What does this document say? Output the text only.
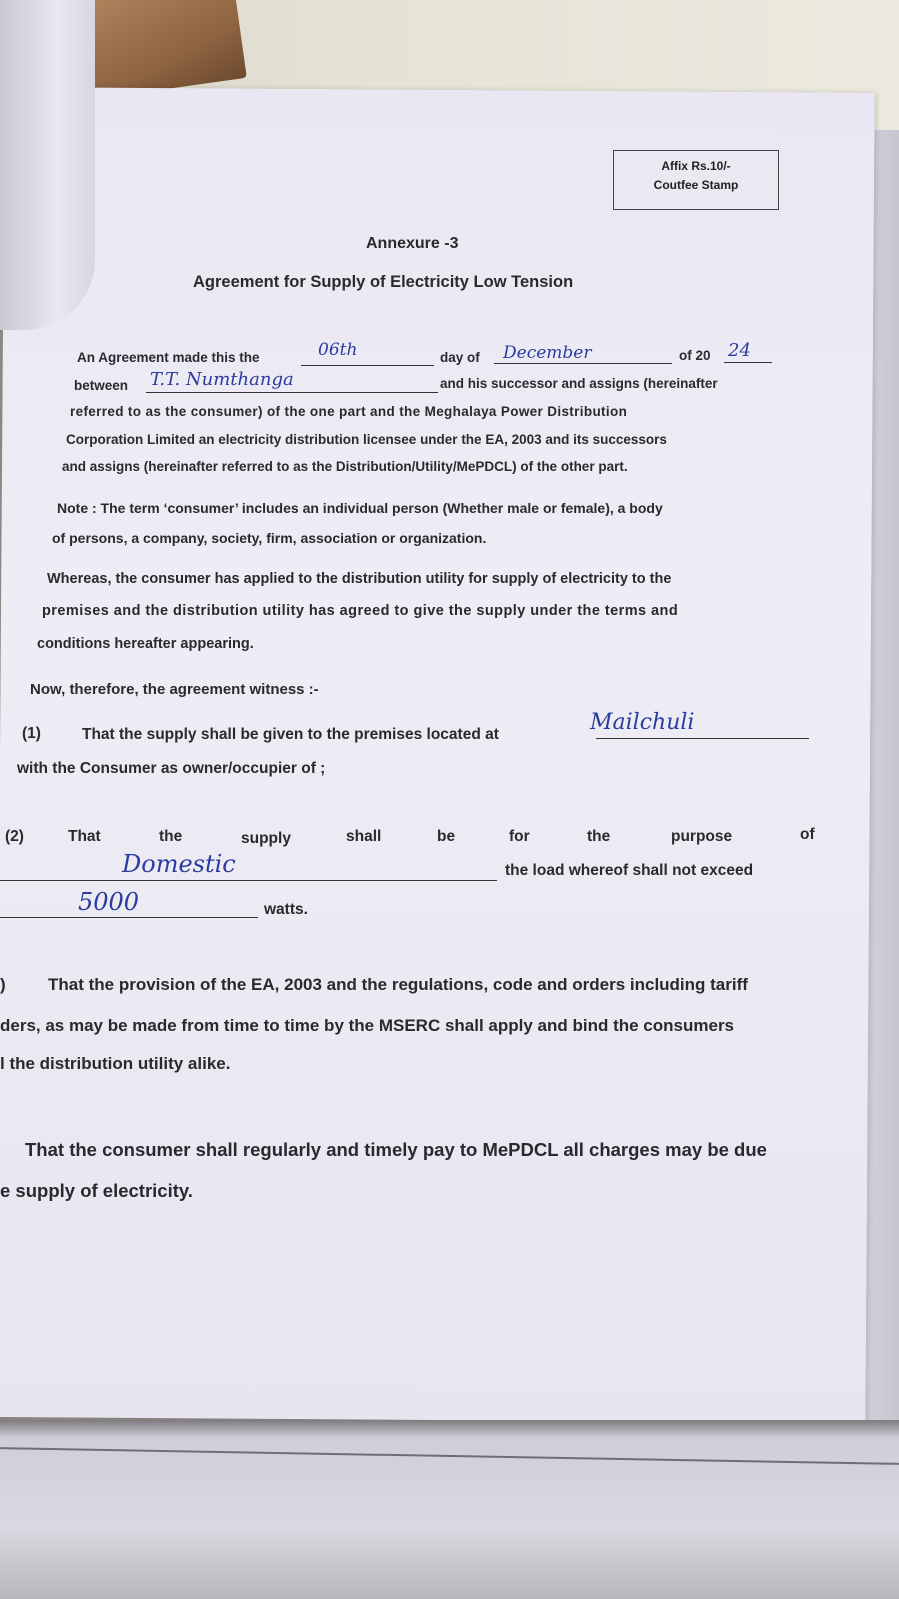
Affix Rs.10/-
Coutfee Stamp
Annexure -3
Agreement for Supply of Electricity Low Tension
An Agreement made this the	06th	day of December	of 20 24
between T.T. Numthanga	and his successor and assigns (hereinafter
referred to as the consumer) of the one part and the Meghalaya Power Distribution
Corporation Limited an electricity distribution licensee under the EA, 2003 and its successors
and assigns (hereinafter referred to as the Distribution/Utility/MePDCL) of the other part.
Note : The term ‘consumer’ includes an individual person (Whether male or female), a body
of persons, a company, society, firm, association or organization.
Whereas, the consumer has applied to the distribution utility for supply of electricity to the
premises and the distribution utility has agreed to give the supply under the terms and
conditions hereafter appearing.
Now, therefore, the agreement witness :-
(1)	That the supply shall be given to the premises located at	Mailchuli
with the Consumer as owner/occupier of ;
(2)	That	the	supply	shall	be	for	the	purpose	of
Domestic	the load whereof shall not exceed
5000	watts.
) That the provision of the EA, 2003 and the regulations, code and orders including tariff
ders, as may be made from time to time by the MSERC shall apply and bind the consumers
l the distribution utility alike.
That the consumer shall regularly and timely pay to MePDCL all charges may be due
e supply of electricity.
